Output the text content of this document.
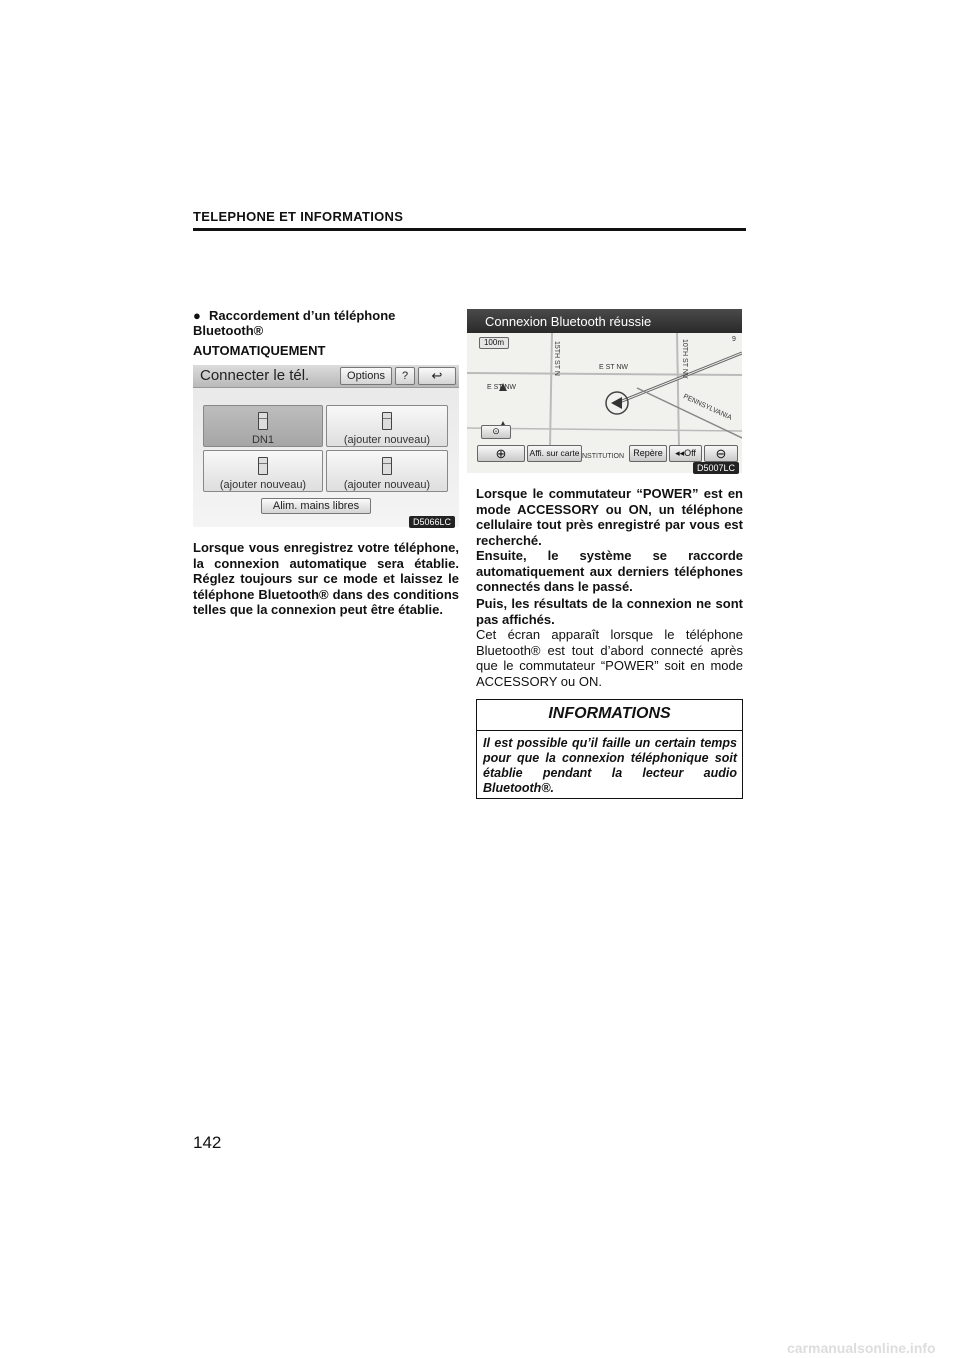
TELEPHONE ET INFORMATIONS
● Raccordement d’un téléphone Bluetooth®
AUTOMATIQUEMENT
Connecter le tél.	Options	?	↩
DN1	(ajouter nouveau)
(ajouter nouveau)	(ajouter nouveau)
Alim. mains libres
D5066LC
Lorsque vous enregistrez votre téléphone, la connexion automatique sera établie. Réglez toujours sur ce mode et laissez le téléphone Bluetooth® dans des conditions telles que la connexion peut être établie.
Connexion Bluetooth réussie
100m
E ST NW
E ST NW
15TH ST N	10TH ST NV
PENNSYLVANIA
NSTITUTION
9
⊙
⊕	Affi. sur carte	Repère	◂◂Off	⊖
D5007LC
Lorsque le commutateur “POWER” est en mode ACCESSORY ou ON, un téléphone cellulaire tout près enregistré par vous est recherché.
Ensuite, le système se raccorde automatiquement aux derniers téléphones connectés dans le passé.
Puis, les résultats de la connexion ne sont pas affichés.
Cet écran apparaît lorsque le téléphone Bluetooth® est tout d’abord connecté après que le commutateur “POWER” soit en mode ACCESSORY ou ON.
INFORMATIONS
Il est possible qu’il faille un certain temps pour que la connexion téléphonique soit établie pendant la lecteur audio Bluetooth®.
142
carmanualsonline.info
